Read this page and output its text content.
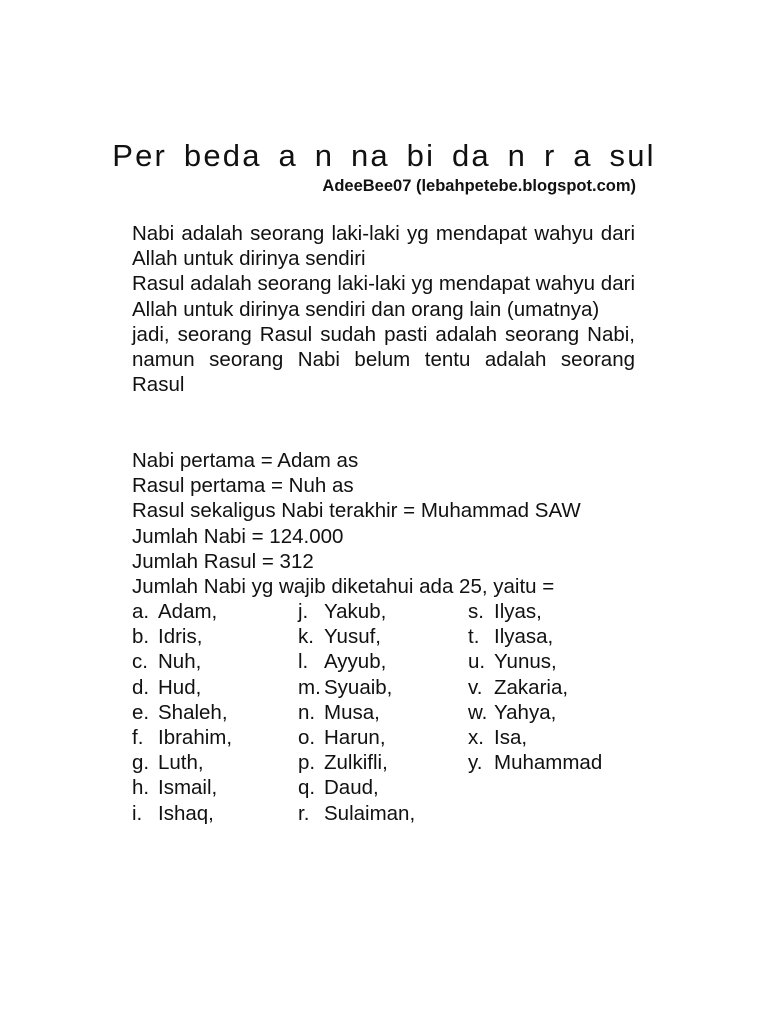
Per beda a n na bi da n r a sul
AdeeBee07 (lebahpetebe.blogspot.com)

Nabi adalah seorang laki-laki yg mendapat wahyu dari Allah untuk dirinya sendiri

Rasul adalah seorang laki-laki yg mendapat wahyu dari Allah untuk dirinya sendiri dan orang lain (umatnya)

jadi, seorang Rasul sudah pasti adalah seorang Nabi, namun seorang Nabi belum tentu adalah seorang Rasul

Nabi pertama = Adam as

Rasul pertama = Nuh as

Rasul sekaligus Nabi terakhir = Muhammad SAW

Jumlah Nabi = 124.000

Jumlah Rasul = 312

Jumlah Nabi yg wajib diketahui ada 25, yaitu =

a. Adam,
b. Idris,
c. Nuh,
d. Hud,
e. Shaleh,
f. Ibrahim,
g. Luth,
h. Ismail,
i. Ishaq,
j. Yakub,
k. Yusuf,
l. Ayyub,
m. Syuaib,
n. Musa,
o. Harun,
p. Zulkifli,
q. Daud,
r. Sulaiman,
s. Ilyas,
t. Ilyasa,
u. Yunus,
v. Zakaria,
w. Yahya,
x. Isa,
y. Muhammad
